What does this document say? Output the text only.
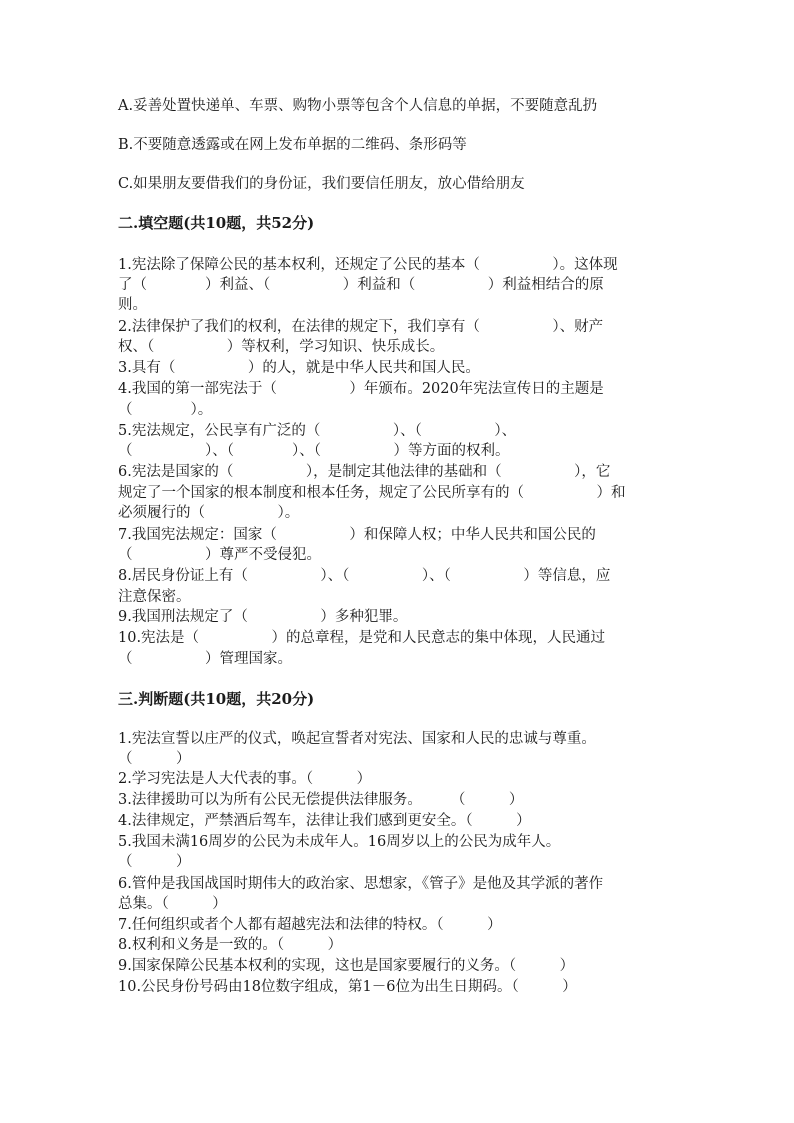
A.妥善处置快递单、车票、购物小票等包含个人信息的单据，不要随意乱扔
B.不要随意透露或在网上发布单据的二维码、条形码等
C.如果朋友要借我们的身份证，我们要信任朋友，放心借给朋友
二.填空题(共10题，共52分)
1.宪法除了保障公民的基本权利，还规定了公民的基本（　　　　　）。这体现
了（　　　　）利益、（　　　　　）利益和（　　　　　）利益相结合的原
则。
2.法律保护了我们的权利，在法律的规定下，我们享有（　　　　　）、财产
权、（　　　　　）等权利，学习知识、快乐成长。
3.具有（　　　　　）的人，就是中华人民共和国人民。
4.我国的第一部宪法于（　　　　　）年颁布。2020年宪法宣传日的主题是
（　　　　）。
5.宪法规定，公民享有广泛的（　　　　　）、（　　　　　）、
（　　　　　）、（　　　　）、（　　　　　）等方面的权利。
6.宪法是国家的（　　　　　），是制定其他法律的基础和（　　　　　），它
规定了一个国家的根本制度和根本任务，规定了公民所享有的（　　　　　）和
必须履行的（　　　　　）。
7.我国宪法规定：国家（　　　　　）和保障人权；中华人民共和国公民的
（　　　　　）尊严不受侵犯。
8.居民身份证上有（　　　　　）、（　　　　　）、（　　　　　）等信息，应
注意保密。
9.我国刑法规定了（　　　　　）多种犯罪。
10.宪法是（　　　　　）的总章程，是党和人民意志的集中体现，人民通过
（　　　　　）管理国家。
三.判断题(共10题，共20分)
1.宪法宣誓以庄严的仪式，唤起宣誓者对宪法、国家和人民的忠诚与尊重。
（　　　）
2.学习宪法是人大代表的事。（　　　）
3.法律援助可以为所有公民无偿提供法律服务。　　　（　　　）
4.法律规定，严禁酒后驾车，法律让我们感到更安全。（　　　）
5.我国未满16周岁的公民为未成年人。16周岁以上的公民为成年人。
（　　　）
6.管仲是我国战国时期伟大的政治家、思想家，《管子》是他及其学派的著作
总集。（　　　）
7.任何组织或者个人都有超越宪法和法律的特权。（　　　）
8.权利和义务是一致的。（　　　）
9.国家保障公民基本权利的实现，这也是国家要履行的义务。（　　　）
10.公民身份号码由18位数字组成，第1－6位为出生日期码。（　　　）
